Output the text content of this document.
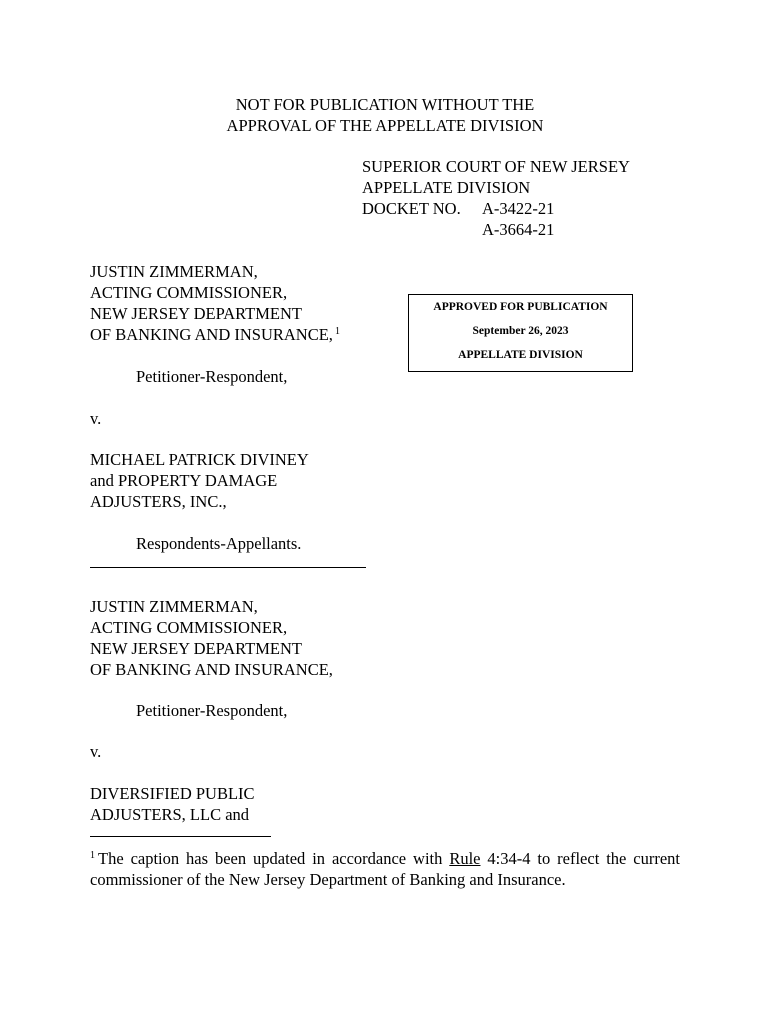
NOT FOR PUBLICATION WITHOUT THE
APPROVAL OF THE APPELLATE DIVISION
SUPERIOR COURT OF NEW JERSEY
APPELLATE DIVISION
DOCKET NO.	A-3422-21
A-3664-21
JUSTIN ZIMMERMAN,
ACTING COMMISSIONER,
NEW JERSEY DEPARTMENT
OF BANKING AND INSURANCE, $^1$
APPROVED FOR PUBLICATION
September 26, 2023
APPELLATE DIVISION
Petitioner-Respondent,
v.
MICHAEL PATRICK DIVINEY
and PROPERTY DAMAGE
ADJUSTERS, INC.,
Respondents-Appellants.
JUSTIN ZIMMERMAN,
ACTING COMMISSIONER,
NEW JERSEY DEPARTMENT
OF BANKING AND INSURANCE,
Petitioner-Respondent,
v.
DIVERSIFIED PUBLIC
ADJUSTERS, LLC and
$^1$ The caption has been updated in accordance with Rule 4:34-4 to reflect the current commissioner of the New Jersey Department of Banking and Insurance.
